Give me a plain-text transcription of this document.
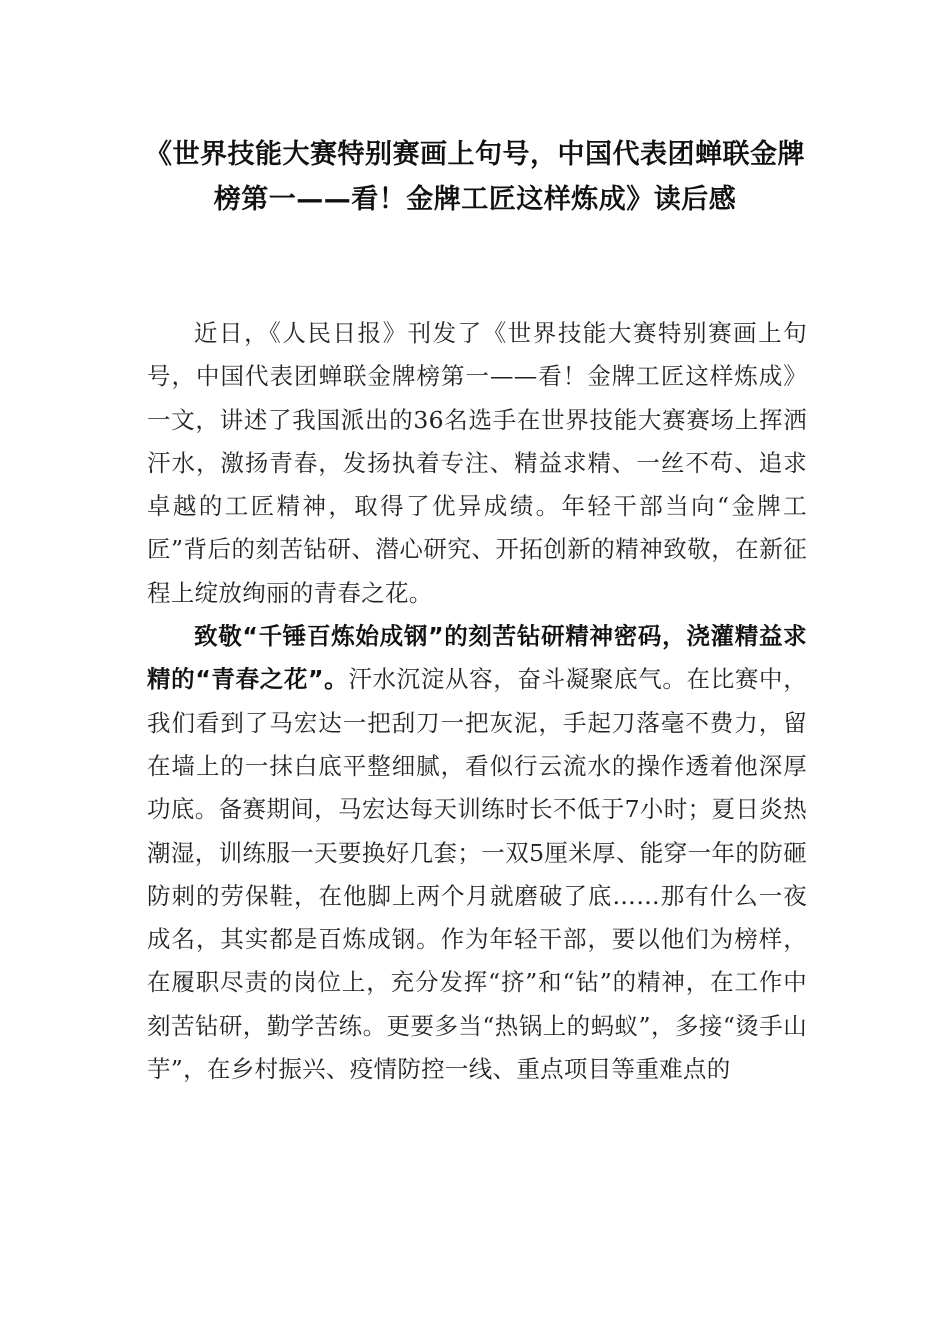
《世界技能大赛特别赛画上句号，中国代表团蝉联金牌榜第一——看！金牌工匠这样炼成》读后感

近日，《人民日报》刊发了《世界技能大赛特别赛画上句号，中国代表团蝉联金牌榜第一——看！金牌工匠这样炼成》一文，讲述了我国派出的36名选手在世界技能大赛赛场上挥洒汗水，激扬青春，发扬执着专注、精益求精、一丝不苟、追求卓越的工匠精神，取得了优异成绩。年轻干部当向“金牌工匠”背后的刻苦钻研、潜心研究、开拓创新的精神致敬，在新征程上绽放绚丽的青春之花。

致敬“千锤百炼始成钢”的刻苦钻研精神密码，浇灌精益求精的“青春之花”。汗水沉淀从容，奋斗凝聚底气。在比赛中，我们看到了马宏达一把刮刀一把灰泥，手起刀落毫不费力，留在墙上的一抹白底平整细腻，看似行云流水的操作透着他深厚功底。备赛期间，马宏达每天训练时长不低于7小时；夏日炎热潮湿，训练服一天要换好几套；一双5厘米厚、能穿一年的防砸防刺的劳保鞋，在他脚上两个月就磨破了底……那有什么一夜成名，其实都是百炼成钢。作为年轻干部，要以他们为榜样，在履职尽责的岗位上，充分发挥“挤”和“钻”的精神，在工作中刻苦钻研，勤学苦练。更要多当“热锅上的蚂蚁”，多接“烫手山芋”，在乡村振兴、疫情防控一线、重点项目等重难点的
